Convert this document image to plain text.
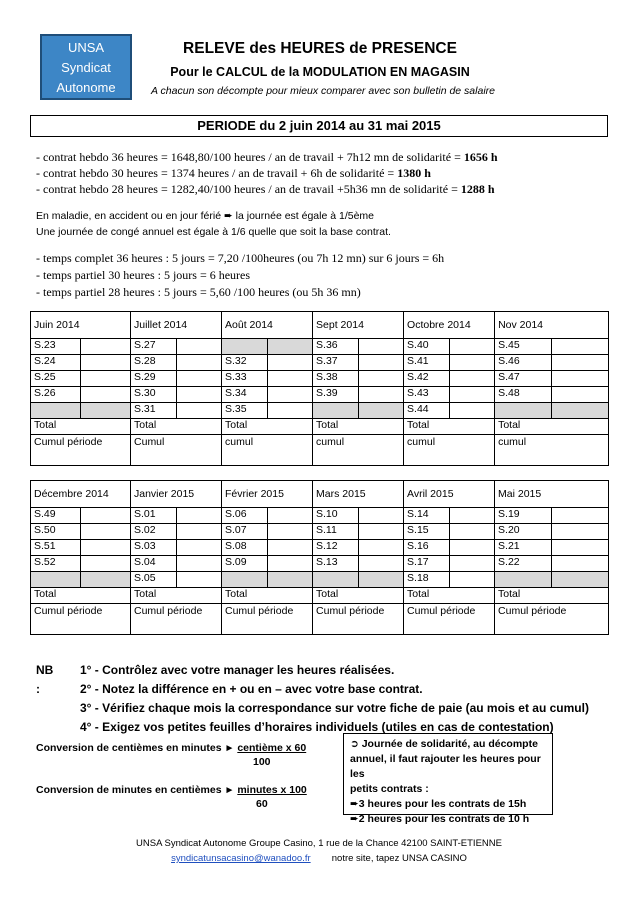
UNSA
Syndicat
Autonome
RELEVE des HEURES de PRESENCE
Pour le CALCUL de la MODULATION EN MAGASIN
A chacun son décompte pour mieux comparer avec son bulletin de salaire
PERIODE du 2 juin 2014 au 31 mai 2015
- contrat hebdo 36 heures = 1648,80/100 heures / an de travail + 7h12 mn de solidarité = 1656 h
- contrat hebdo 30 heures = 1374 heures / an de travail + 6h de solidarité = 1380 h
- contrat hebdo 28 heures = 1282,40/100 heures / an de travail +5h36 mn de solidarité = 1288 h
En maladie, en accident ou en jour férié ➨ la journée est égale à 1/5ème
Une journée de congé annuel est égale à 1/6 quelle que soit la base contrat.
- temps complet 36 heures : 5 jours = 7,20 /100heures (ou 7h 12 mn) sur 6 jours = 6h
- temps partiel 30 heures : 5 jours = 6 heures
- temps partiel 28 heures : 5 jours = 5,60 /100 heures (ou 5h 36 mn)
Juin 2014		Juillet 2014		Août 2014		Sept 2014		Octobre 2014		Nov 2014	
S.23		S.27				S.36		S.40		S.45	
S.24		S.28		S.32		S.37		S.41		S.46	
S.25		S.29		S.33		S.38		S.42		S.47	
S.26		S.30		S.34		S.39		S.43		S.48	
		S.31		S.35				S.44			
Total		Total		Total		Total		Total		Total	
Cumul période		Cumul		cumul		cumul		cumul		cumul	
Décembre 2014		Janvier 2015		Février 2015		Mars 2015		Avril 2015		Mai 2015	
S.49		S.01		S.06		S.10		S.14		S.19	
S.50		S.02		S.07		S.11		S.15		S.20	
S.51		S.03		S.08		S.12		S.16		S.21	
S.52		S.04		S.09		S.13		S.17		S.22	
		S.05						S.18			
Total		Total		Total		Total		Total		Total	
Cumul période		Cumul période		Cumul période		Cumul période		Cumul période		Cumul période	
NB :
1° - Contrôlez avec votre manager les heures réalisées.
2° - Notez la différence en + ou en – avec votre base contrat.
3° - Vérifiez chaque mois la correspondance sur votre fiche de paie (au mois et au cumul)
4° - Exigez vos petites feuilles d’horaires individuels (utiles en cas de contestation)
Conversion de centièmes en minutes ► centième x 60
100
Conversion de minutes en centièmes ► minutes x 100
60
➲ Journée de solidarité, au décompte
annuel, il faut rajouter les heures pour les
petits contrats :
➨3 heures pour les contrats de 15h
➨2 heures pour les contrats de 10 h
UNSA Syndicat Autonome Groupe Casino, 1 rue de la Chance 42100 SAINT-ETIENNE
syndicatunsacasino@wanadoo.fr notre site, tapez UNSA CASINO
